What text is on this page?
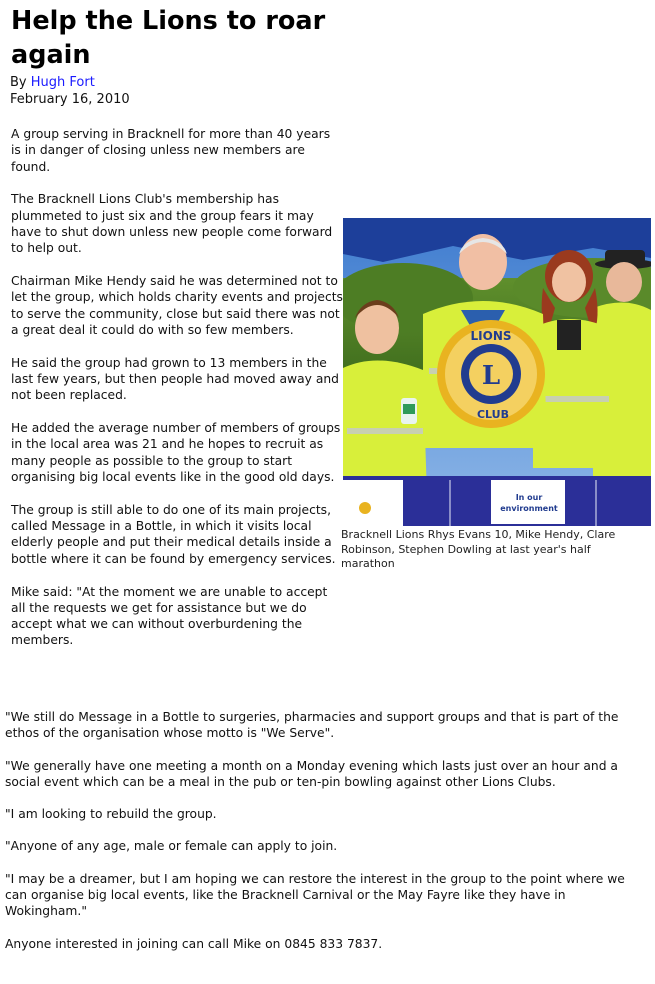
Help the Lions to roar again
By Hugh Fort
February 16, 2010

A group serving in Bracknell for more than 40 years is in danger of closing unless new members are found.

The Bracknell Lions Club's membership has plummeted to just six and the group fears it may have to shut down unless new people come forward to help out.

Chairman Mike Hendy said he was determined not to let the group, which holds charity events and projects to serve the community, close but said there was not a great deal it could do with so few members.

He said the group had grown to 13 members in the last few years, but then people had moved away and not been replaced.

He added the average number of members of groups in the local area was 21 and he hopes to recruit as many people as possible to the group to start organising big local events like in the good old days.

The group is still able to do one of its main projects, called Message in a Bottle, in which it visits local elderly people and put their medical details inside a bottle where it can be found by emergency services.

Mike said: "At the moment we are unable to accept all the requests we get for assistance but we do accept what we can without overburdening the members.

LIONS
L
CLUB
In our
environment
Bracknell Lions Rhys Evans 10, Mike Hendy, Clare Robinson, Stephen Dowling at last year's half marathon

"We still do Message in a Bottle to surgeries, pharmacies and support groups and that is part of the ethos of the organisation whose motto is "We Serve".

"We generally have one meeting a month on a Monday evening which lasts just over an hour and a social event which can be a meal in the pub or ten-pin bowling against other Lions Clubs.

"I am looking to rebuild the group.

"Anyone of any age, male or female can apply to join.

"I may be a dreamer, but I am hoping we can restore the interest in the group to the point where we can organise big local events, like the Bracknell Carnival or the May Fayre like they have in Wokingham."

Anyone interested in joining can call Mike on 0845 833 7837.
